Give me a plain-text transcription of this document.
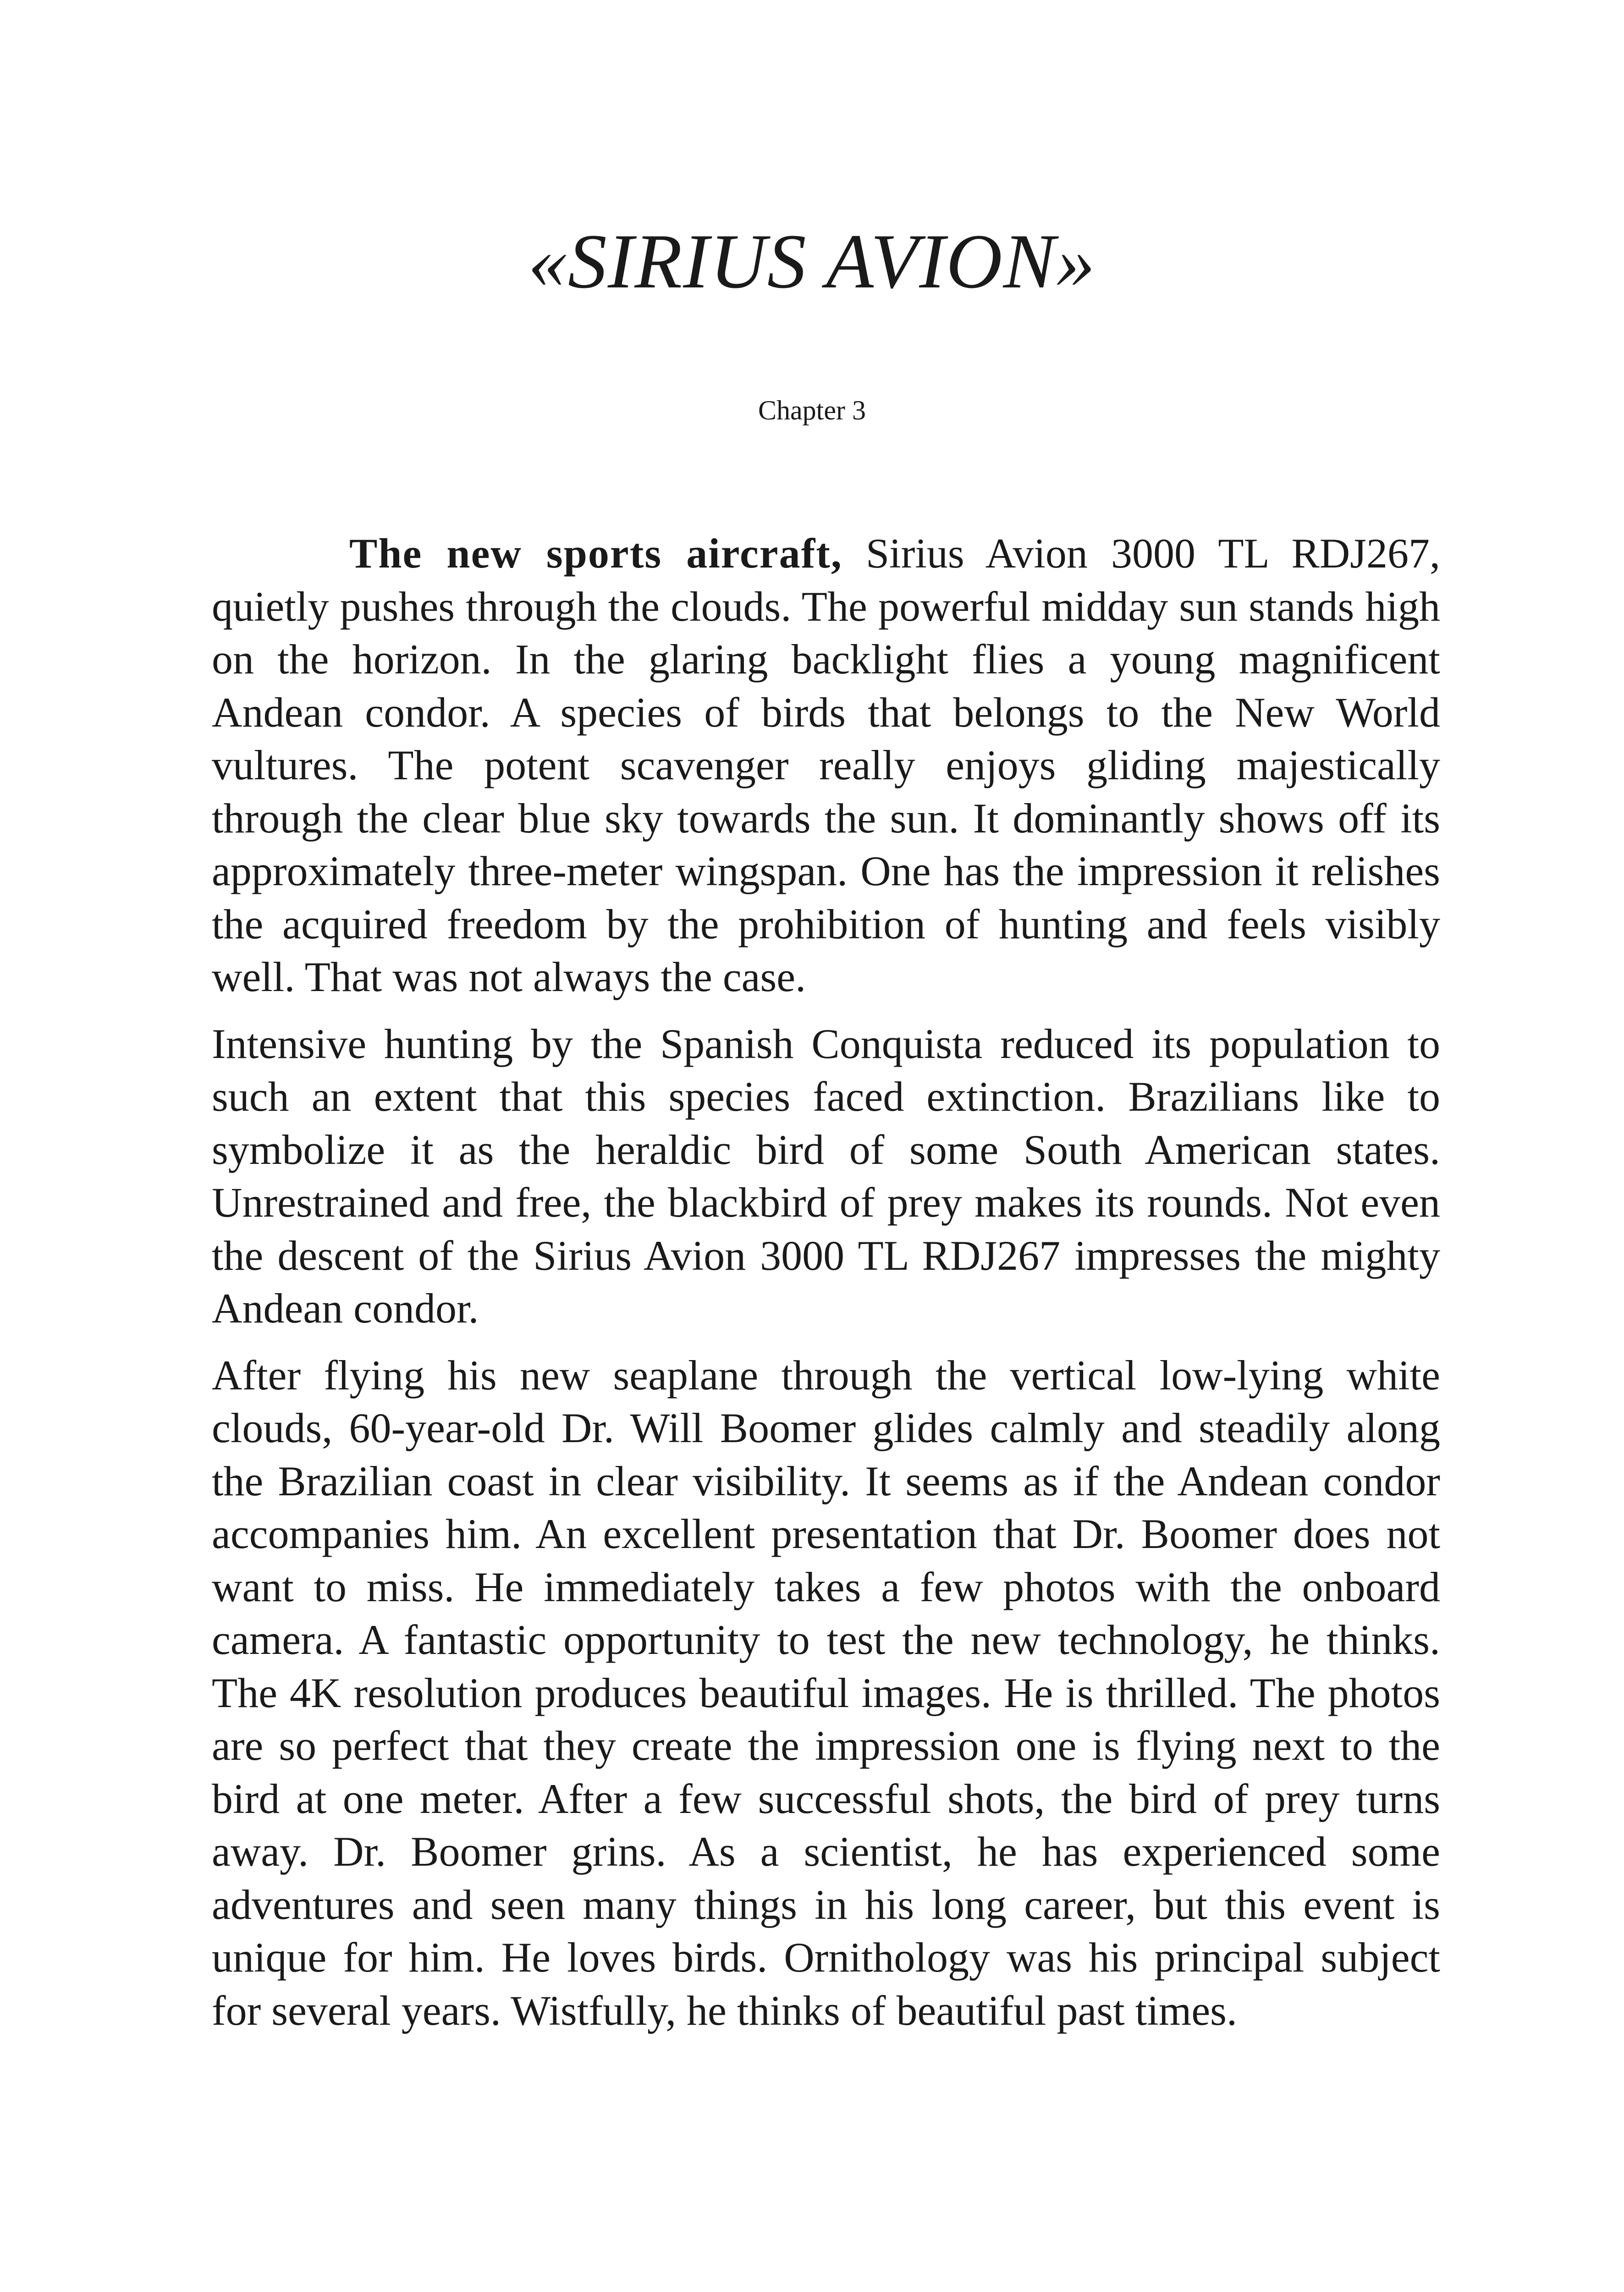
«SIRIUS AVION»
Chapter 3

The new sports aircraft, Sirius Avion 3000 TL RDJ267, quietly pushes through the clouds. The powerful midday sun stands high on the horizon. In the glaring backlight flies a young magnificent Andean condor. A species of birds that belongs to the New World vultures. The potent scavenger really enjoys gliding majestically through the clear blue sky towards the sun. It dominantly shows off its approximately three-meter wingspan. One has the impression it relishes the acquired freedom by the prohibition of hunting and feels visibly well. That was not always the case.

Intensive hunting by the Spanish Conquista reduced its population to such an extent that this species faced extinction. Brazilians like to symbolize it as the heraldic bird of some South American states. Unrestrained and free, the blackbird of prey makes its rounds. Not even the descent of the Sirius Avion 3000 TL RDJ267 impresses the mighty Andean condor.

After flying his new seaplane through the vertical low-lying white clouds, 60-year-old Dr. Will Boomer glides calmly and steadily along the Brazilian coast in clear visibility. It seems as if the Andean condor accompanies him. An excellent presentation that Dr. Boomer does not want to miss. He immediately takes a few photos with the onboard camera. A fantastic opportunity to test the new technology, he thinks. The 4K resolution produces beautiful images. He is thrilled. The photos are so perfect that they create the impression one is flying next to the bird at one meter. After a few successful shots, the bird of prey turns away. Dr. Boomer grins. As a scientist, he has experienced some adventures and seen many things in his long career, but this event is unique for him. He loves birds. Ornithology was his principal subject for several years. Wistfully, he thinks of beautiful past times.
